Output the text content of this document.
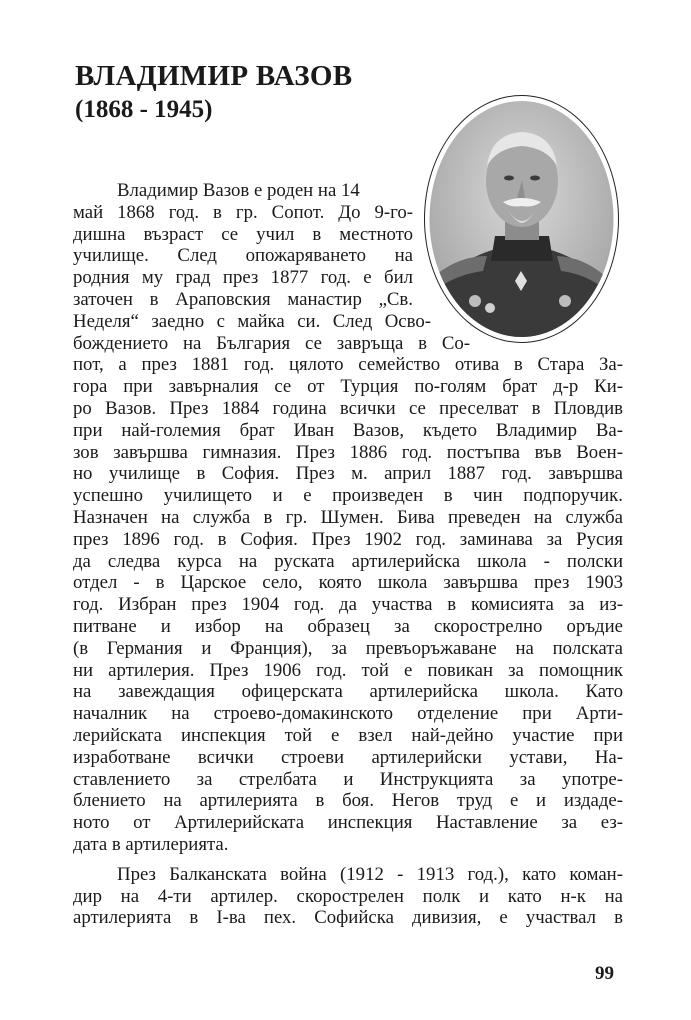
ВЛАДИМИР ВАЗОВ
(1868 - 1945)
Владимир Вазов е роден на 14
май 1868 год. в гр. Сопот. До 9-го-
дишна възраст се учил в местното
училище. След опожаряването на
родния му град през 1877 год. е бил
заточен в Араповския манастир „Св.
Неделя“ заедно с майка си. След Осво-
бождението на България се завръща в Со-
пот, а през 1881 год. цялото семейство отива в Стара За-
гора при завърналия се от Турция по-голям брат д-р Ки-
ро Вазов. През 1884 година всички се преселват в Пловдив
при най-големия брат Иван Вазов, където Владимир Ва-
зов завършва гимназия. През 1886 год. постъпва във Воен-
но училище в София. През м. април 1887 год. завършва
успешно училището и е произведен в чин подпоручик.
Назначен на служба в гр. Шумен. Бива преведен на служба
през 1896 год. в София. През 1902 год. заминава за Русия
да следва курса на руската артилерийска школа - полски
отдел - в Царское село, която школа завършва през 1903
год. Избран през 1904 год. да участва в комисията за из-
питване и избор на образец за скорострелно оръдие
(в Германия и Франция), за превъоръжаване на полската
ни артилерия. През 1906 год. той е повикан за помощник
на завеждащия офицерската артилерийска школа. Като
началник на строево-домакинското отделение при Арти-
лерийската инспекция той е взел най-дейно участие при
изработване всички строеви артилерийски устави, На-
ставлението за стрелбата и Инструкцията за употре-
блението на артилерията в боя. Негов труд е и издаде-
ното от Артилерийската инспекция Наставление за ез-
дата в артилерията.
През Балканската война (1912 - 1913 год.), като коман-
дир на 4-ти артилер. скорострелен полк и като н-к на
артилерията в I-ва пех. Софийска дивизия, е участвал в
99
